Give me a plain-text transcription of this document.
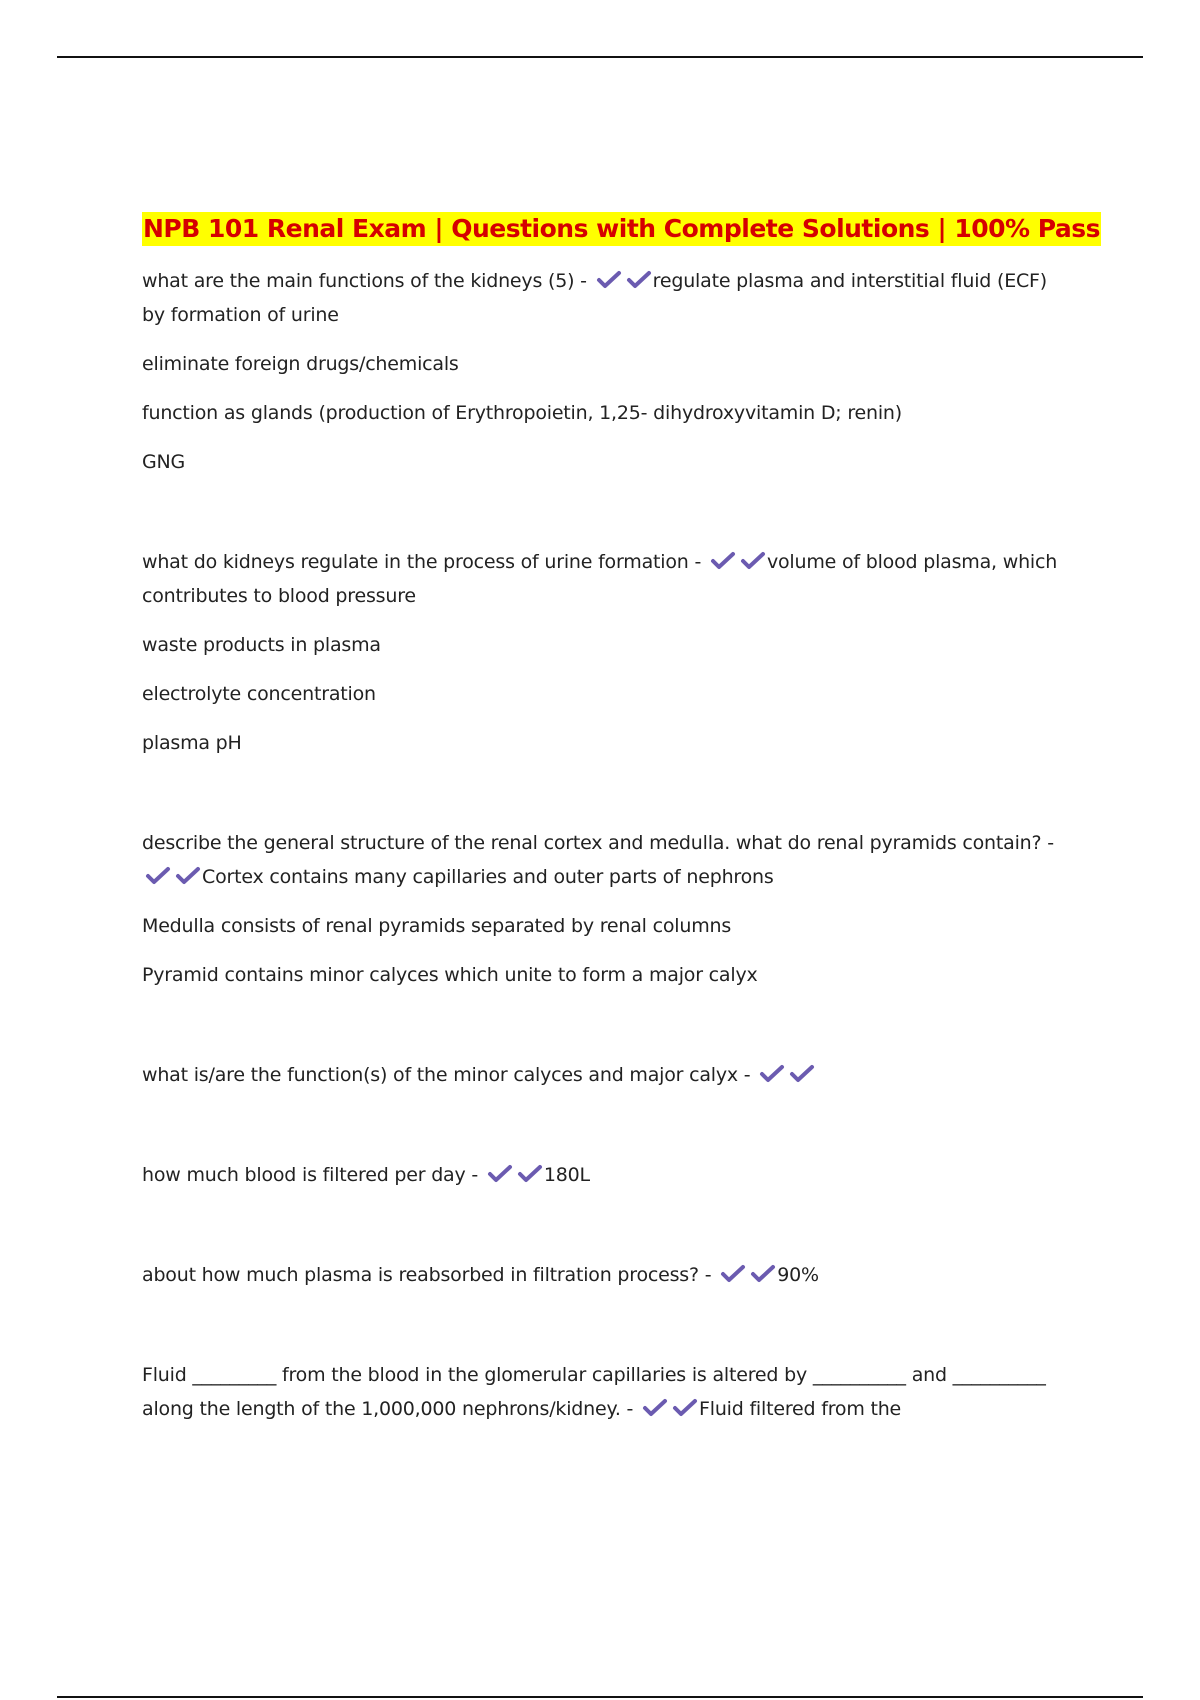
NPB 101 Renal Exam | Questions with Complete Solutions | 100% Pass

what are the main functions of the kidneys (5) -	regulate plasma and interstitial fluid (ECF) by formation of urine

eliminate foreign drugs/chemicals

function as glands (production of Erythropoietin, 1,25- dihydroxyvitamin D; renin)

GNG

what do kidneys regulate in the process of urine formation -	volume of blood plasma, which contributes to blood pressure

waste products in plasma

electrolyte concentration

plasma pH

describe the general structure of the renal cortex and medulla. what do renal pyramids contain? -
Cortex contains many capillaries and outer parts of nephrons

Medulla consists of renal pyramids separated by renal columns

Pyramid contains minor calyces which unite to form a major calyx

what is/are the function(s) of the minor calyces and major calyx -

how much blood is filtered per day -	180L

about how much plasma is reabsorbed in filtration process? -	90%

Fluid _________ from the blood in the glomerular capillaries is altered by __________ and __________ along the length of the 1,000,000 nephrons/kidney. -	Fluid filtered from the
